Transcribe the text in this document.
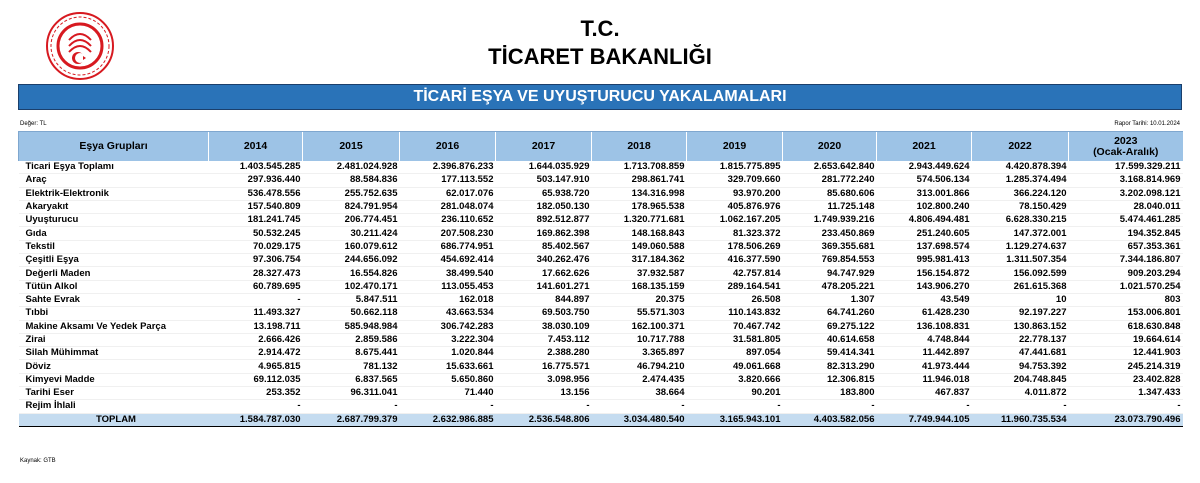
T.C.
TİCARET BAKANLIĞI
TİCARİ EŞYA VE UYUŞTURUCU YAKALAMALARI
Değer: TL	Rapor Tarihi: 10.01.2024
Eşya Grupları	2014	2015	2016	2017	2018	2019	2020	2021	2022	2023
(Ocak-Aralık)
Ticari Eşya Toplamı	1.403.545.285	2.481.024.928	2.396.876.233	1.644.035.929	1.713.708.859	1.815.775.895	2.653.642.840	2.943.449.624	4.420.878.394	17.599.329.211
Araç	297.936.440	88.584.836	177.113.552	503.147.910	298.861.741	329.709.660	281.772.240	574.506.134	1.285.374.494	3.168.814.969
Elektrik-Elektronik	536.478.556	255.752.635	62.017.076	65.938.720	134.316.998	93.970.200	85.680.606	313.001.866	366.224.120	3.202.098.121
Akaryakıt	157.540.809	824.791.954	281.048.074	182.050.130	178.965.538	405.876.976	11.725.148	102.800.240	78.150.429	28.040.011
Uyuşturucu	181.241.745	206.774.451	236.110.652	892.512.877	1.320.771.681	1.062.167.205	1.749.939.216	4.806.494.481	6.628.330.215	5.474.461.285
Gıda	50.532.245	30.211.424	207.508.230	169.862.398	148.168.843	81.323.372	233.450.869	251.240.605	147.372.001	194.352.845
Tekstil	70.029.175	160.079.612	686.774.951	85.402.567	149.060.588	178.506.269	369.355.681	137.698.574	1.129.274.637	657.353.361
Çeşitli Eşya	97.306.754	244.656.092	454.692.414	340.262.476	317.184.362	416.377.590	769.854.553	995.981.413	1.311.507.354	7.344.186.807
Değerli Maden	28.327.473	16.554.826	38.499.540	17.662.626	37.932.587	42.757.814	94.747.929	156.154.872	156.092.599	909.203.294
Tütün Alkol	60.789.695	102.470.171	113.055.453	141.601.271	168.135.159	289.164.541	478.205.221	143.906.270	261.615.368	1.021.570.254
Sahte Evrak	-	5.847.511	162.018	844.897	20.375	26.508	1.307	43.549	10	803
Tıbbi	11.493.327	50.662.118	43.663.534	69.503.750	55.571.303	110.143.832	64.741.260	61.428.230	92.197.227	153.006.801
Makine Aksamı Ve Yedek Parça	13.198.711	585.948.984	306.742.283	38.030.109	162.100.371	70.467.742	69.275.122	136.108.831	130.863.152	618.630.848
Zirai	2.666.426	2.859.586	3.222.304	7.453.112	10.717.788	31.581.805	40.614.658	4.748.844	22.778.137	19.664.614
Silah Mühimmat	2.914.472	8.675.441	1.020.844	2.388.280	3.365.897	897.054	59.414.341	11.442.897	47.441.681	12.441.903
Döviz	4.965.815	781.132	15.633.661	16.775.571	46.794.210	49.061.668	82.313.290	41.973.444	94.753.392	245.214.319
Kimyevi Madde	69.112.035	6.837.565	5.650.860	3.098.956	2.474.435	3.820.666	12.306.815	11.946.018	204.748.845	23.402.828
Tarihi Eser	253.352	96.311.041	71.440	13.156	38.664	90.201	183.800	467.837	4.011.872	1.347.433
Rejim İhlali	-	-	-	-	-	-	-	-	-	-
TOPLAM	1.584.787.030	2.687.799.379	2.632.986.885	2.536.548.806	3.034.480.540	3.165.943.101	4.403.582.056	7.749.944.105	11.960.735.534	23.073.790.496
Kaynak: GTB
